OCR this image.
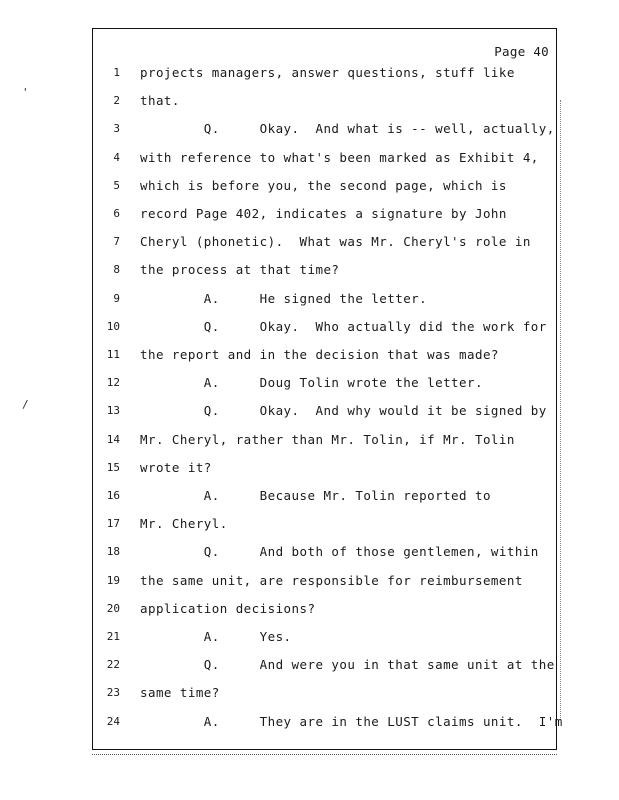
'
/
Page 40
1 projects managers, answer questions, stuff like
2 that.
3 Q.     Okay.  And what is -- well, actually,
4 with reference to what's been marked as Exhibit 4,
5 which is before you, the second page, which is
6 record Page 402, indicates a signature by John
7 Cheryl (phonetic).  What was Mr. Cheryl's role in
8 the process at that time?
9 A.     He signed the letter.
10 Q.     Okay.  Who actually did the work for
11 the report and in the decision that was made?
12 A.     Doug Tolin wrote the letter.
13 Q.     Okay.  And why would it be signed by
14 Mr. Cheryl, rather than Mr. Tolin, if Mr. Tolin
15 wrote it?
16 A.     Because Mr. Tolin reported to
17 Mr. Cheryl.
18 Q.     And both of those gentlemen, within
19 the same unit, are responsible for reimbursement
20 application decisions?
21 A.     Yes.
22 Q.     And were you in that same unit at the
23 same time?
24 A.     They are in the LUST claims unit.  I'm
